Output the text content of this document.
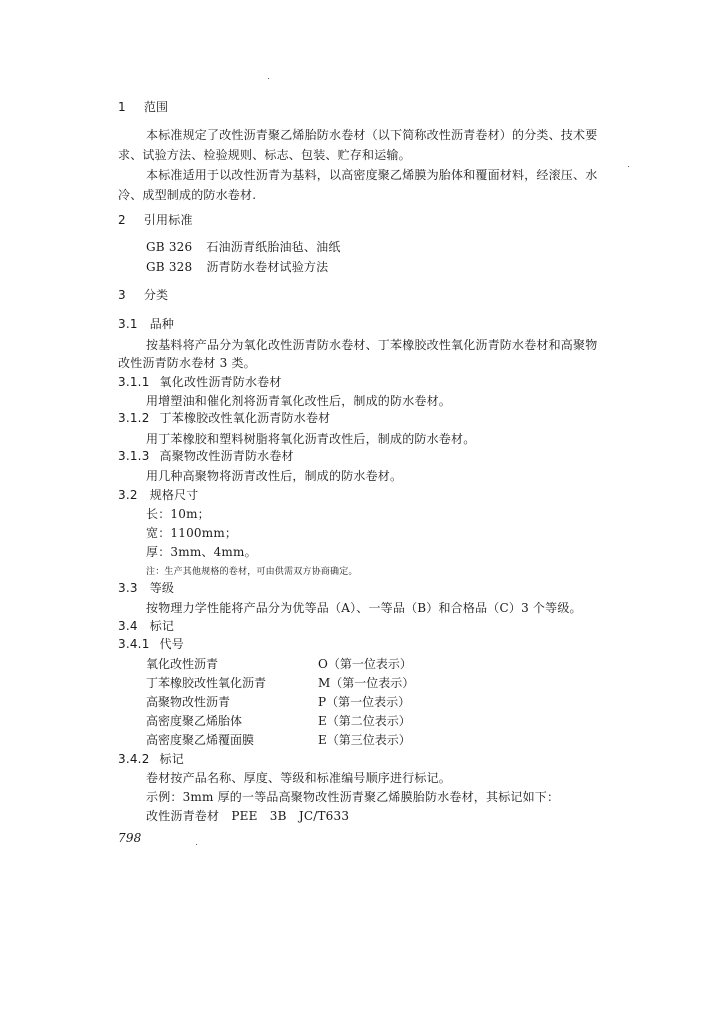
1 范围
本标准规定了改性沥青聚乙烯胎防水卷材（以下简称改性沥青卷材）的分类、技术要
求、试验方法、检验规则、标志、包装、贮存和运输。
本标准适用于以改性沥青为基料，以高密度聚乙烯膜为胎体和覆面材料，经滚压、水
冷、成型制成的防水卷材.
2 引用标准
GB 326 石油沥青纸胎油毡、油纸
GB 328 沥青防水卷材试验方法
3 分类
3.1 品种
按基料将产品分为氧化改性沥青防水卷材、丁苯橡胶改性氧化沥青防水卷材和高聚物
改性沥青防水卷材 3 类。
3.1.1 氧化改性沥青防水卷材
用增塑油和催化剂将沥青氧化改性后，制成的防水卷材。
3.1.2 丁苯橡胶改性氧化沥青防水卷材
用丁苯橡胶和塑料树脂将氧化沥青改性后，制成的防水卷材。
3.1.3 高聚物改性沥青防水卷材
用几种高聚物将沥青改性后，制成的防水卷材。
3.2 规格尺寸
长：10m；
宽：1100mm；
厚：3mm、4mm。
注：生产其他规格的卷材，可由供需双方协商确定。
3.3 等级
按物理力学性能将产品分为优等品（A）、一等品（B）和合格品（C）3 个等级。
3.4 标记
3.4.1 代号
氧化改性沥青	O（第一位表示）
丁苯橡胶改性氧化沥青	M（第一位表示）
高聚物改性沥青	P（第一位表示）
高密度聚乙烯胎体	E（第二位表示）
高密度聚乙烯覆面膜	E（第三位表示）
3.4.2 标记
卷材按产品名称、厚度、等级和标准编号顺序进行标记。
示例：3mm 厚的一等品高聚物改性沥青聚乙烯膜胎防水卷材，其标记如下：
改性沥青卷材　PEE　3B　JC/T633
798
